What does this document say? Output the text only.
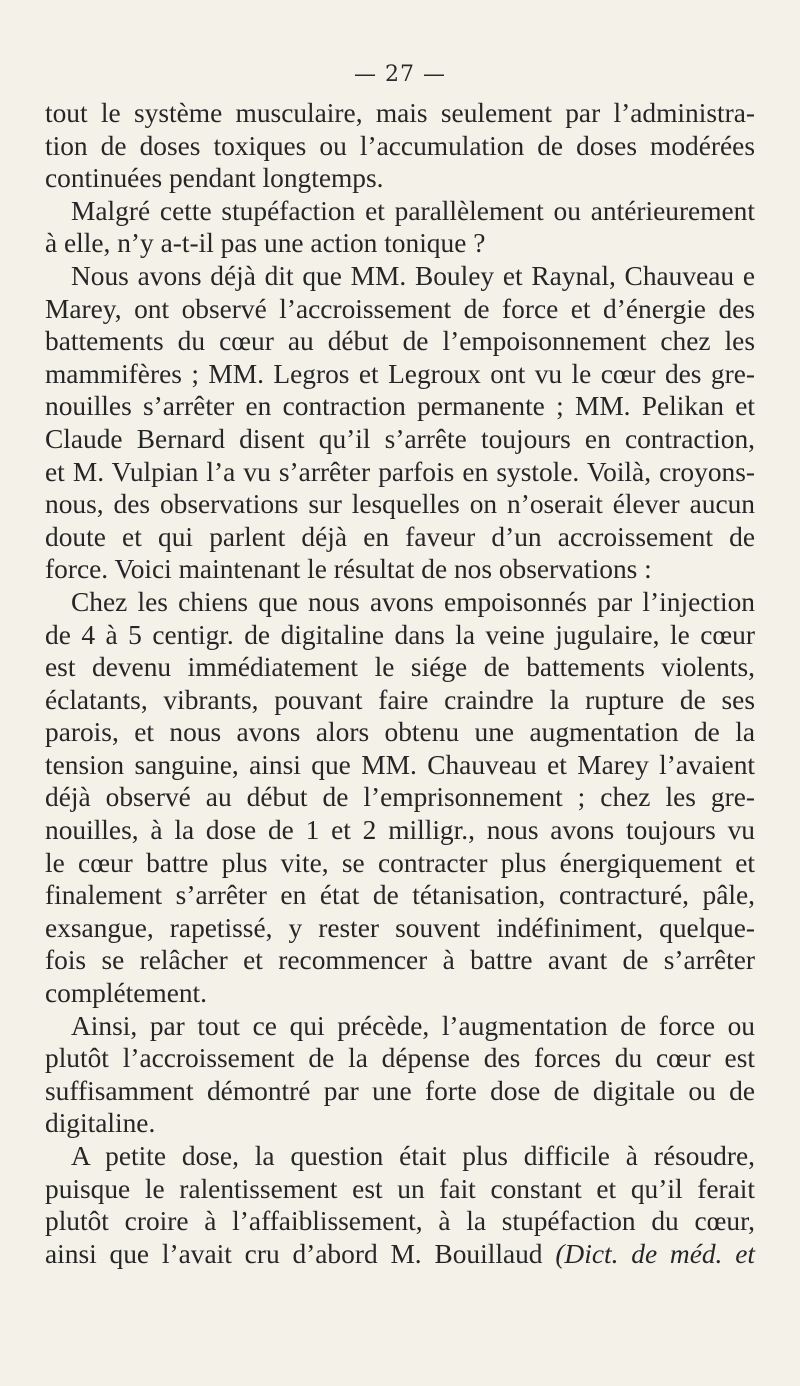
— 27 —
tout le système musculaire, mais seulement par l’administra-
tion de doses toxiques ou l’accumulation de doses modérées
continuées pendant longtemps.
Malgré cette stupéfaction et parallèlement ou antérieurement
à elle, n’y a-t-il pas une action tonique ?
Nous avons déjà dit que MM. Bouley et Raynal, Chauveau e
Marey, ont observé l’accroissement de force et d’énergie des
battements du cœur au début de l’empoisonnement chez les
mammifères ; MM. Legros et Legroux ont vu le cœur des gre-
nouilles s’arrêter en contraction permanente ; MM. Pelikan et
Claude Bernard disent qu’il s’arrête toujours en contraction,
et M. Vulpian l’a vu s’arrêter parfois en systole. Voilà, croyons-
nous, des observations sur lesquelles on n’oserait élever aucun
doute et qui parlent déjà en faveur d’un accroissement de
force. Voici maintenant le résultat de nos observations :
Chez les chiens que nous avons empoisonnés par l’injection
de 4 à 5 centigr. de digitaline dans la veine jugulaire, le cœur
est devenu immédiatement le siége de battements violents,
éclatants, vibrants, pouvant faire craindre la rupture de ses
parois, et nous avons alors obtenu une augmentation de la
tension sanguine, ainsi que MM. Chauveau et Marey l’avaient
déjà observé au début de l’emprisonnement ; chez les gre-
nouilles, à la dose de 1 et 2 milligr., nous avons toujours vu
le cœur battre plus vite, se contracter plus énergiquement et
finalement s’arrêter en état de tétanisation, contracturé, pâle,
exsangue, rapetissé, y rester souvent indéfiniment, quelque-
fois se relâcher et recommencer à battre avant de s’arrêter
complétement.
Ainsi, par tout ce qui précède, l’augmentation de force ou
plutôt l’accroissement de la dépense des forces du cœur est
suffisamment démontré par une forte dose de digitale ou de
digitaline.
A petite dose, la question était plus difficile à résoudre,
puisque le ralentissement est un fait constant et qu’il ferait
plutôt croire à l’affaiblissement, à la stupéfaction du cœur,
ainsi que l’avait cru d’abord M. Bouillaud (Dict. de méd. et
